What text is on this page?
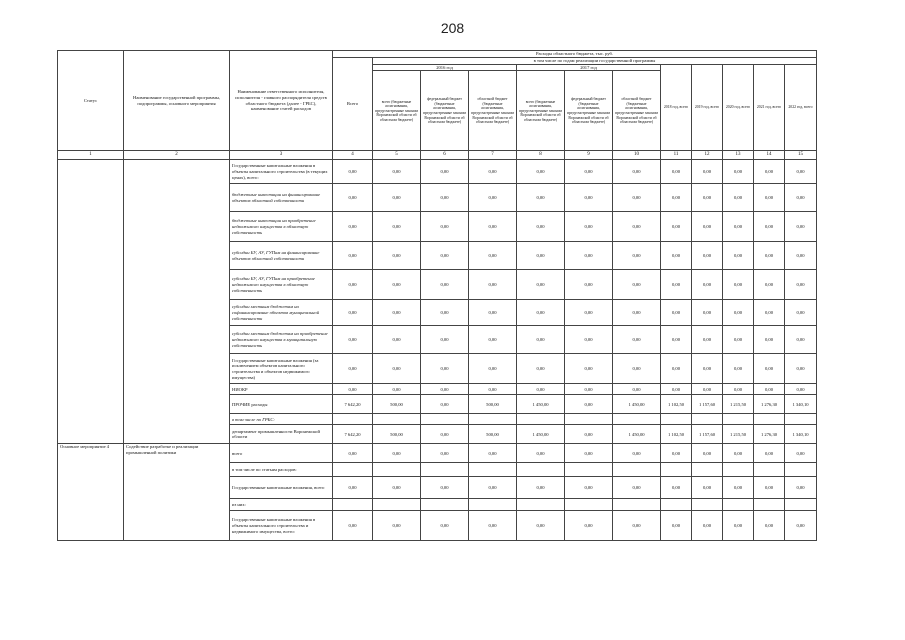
208
Статус	Наименование государственной программы, подпрограммы, основного мероприятия	Наименование ответственного исполнителя, исполнителя - главного распорядителя средств областного бюджета (далее - ГРБС), наименование статей расходов	Расходы областного бюджета, тыс. руб.											
			Всего	в том числе по годам реализации государственной программы										
				2016 год			2017 год			2018 год, всего	2019 год, всего	2020 год, всего	2021 год, всего	2022 год, всего
				всего (бюджетные ассигнования, предусмотренные законом Воронежской области об областном бюджете)	федеральный бюджет (бюджетные ассигнования, предусмотренные законом Воронежской области об областном бюджете)	областной бюджет (бюджетные ассигнования, предусмотренные законом Воронежской области об областном бюджете)	всего (бюджетные ассигнования, предусмотренные законом Воронежской области об областном бюджете)	федеральный бюджет (бюджетные ассигнования, предусмотренные законом Воронежской области об областном бюджете)	областной бюджет (бюджетные ассигнования, предусмотренные законом Воронежской области об областном бюджете)					
1	2	3	4	5	6	7	8	9	10	11	12	13	14	15
		Государственные капитальные вложения в объекты капитального строительства (в текущих ценах), всего:	0,00	0,00	0,00	0,00	0,00	0,00	0,00	0,00	0,00	0,00	0,00	0,00
		бюджетные инвестиции на финансирование объектов областной собственности	0,00	0,00	0,00	0,00	0,00	0,00	0,00	0,00	0,00	0,00	0,00	0,00
		бюджетные инвестиции на приобретение недвижимого имущества в областную собственность	0,00	0,00	0,00	0,00	0,00	0,00	0,00	0,00	0,00	0,00	0,00	0,00
		субсидии БУ, АУ, ГУПам на финансирование объектов областной собственности	0,00	0,00	0,00	0,00	0,00	0,00	0,00	0,00	0,00	0,00	0,00	0,00
		субсидии БУ, АУ, ГУПам на приобретение недвижимого имущества в областную собственность	0,00	0,00	0,00	0,00	0,00	0,00	0,00	0,00	0,00	0,00	0,00	0,00
		субсидии местным бюджетам на софинансирование объектов муниципальной собственности	0,00	0,00	0,00	0,00	0,00	0,00	0,00	0,00	0,00	0,00	0,00	0,00
		субсидии местным бюджетам на приобретение недвижимого имущества в муниципальную собственность	0,00	0,00	0,00	0,00	0,00	0,00	0,00	0,00	0,00	0,00	0,00	0,00
		Государственные капитальные вложения (за исключением объектов капитального строительства и объектов недвижимого имущества)	0,00	0,00	0,00	0,00	0,00	0,00	0,00	0,00	0,00	0,00	0,00	0,00
		НИОКР	0,00	0,00	0,00	0,00	0,00	0,00	0,00	0,00	0,00	0,00	0,00	0,00
		ПРОЧИЕ расходы	7 642,20	500,00	0,00	500,00	1 450,00	0,00	1 450,00	1 102,50	1 157,60	1 215,50	1 276,30	1 340,10
		в том числе по ГРБС:												
		департамент промышленности Воронежской области	7 642,20	500,00	0,00	500,00	1 450,00	0,00	1 450,00	1 102,50	1 157,60	1 215,50	1 276,30	1 340,10
Основное мероприятие 4	Содействие разработке и реализации промышленной политики	всего	0,00	0,00	0,00	0,00	0,00	0,00	0,00	0,00	0,00	0,00	0,00	0,00
		в том числе по статьям расходов:												
		Государственные капитальные вложения, всего	0,00	0,00	0,00	0,00	0,00	0,00	0,00	0,00	0,00	0,00	0,00	0,00
		из них:												
		Государственные капитальные вложения в объекты капитального строительства и недвижимого имущества, всего:	0,00	0,00	0,00	0,00	0,00	0,00	0,00	0,00	0,00	0,00	0,00	0,00
